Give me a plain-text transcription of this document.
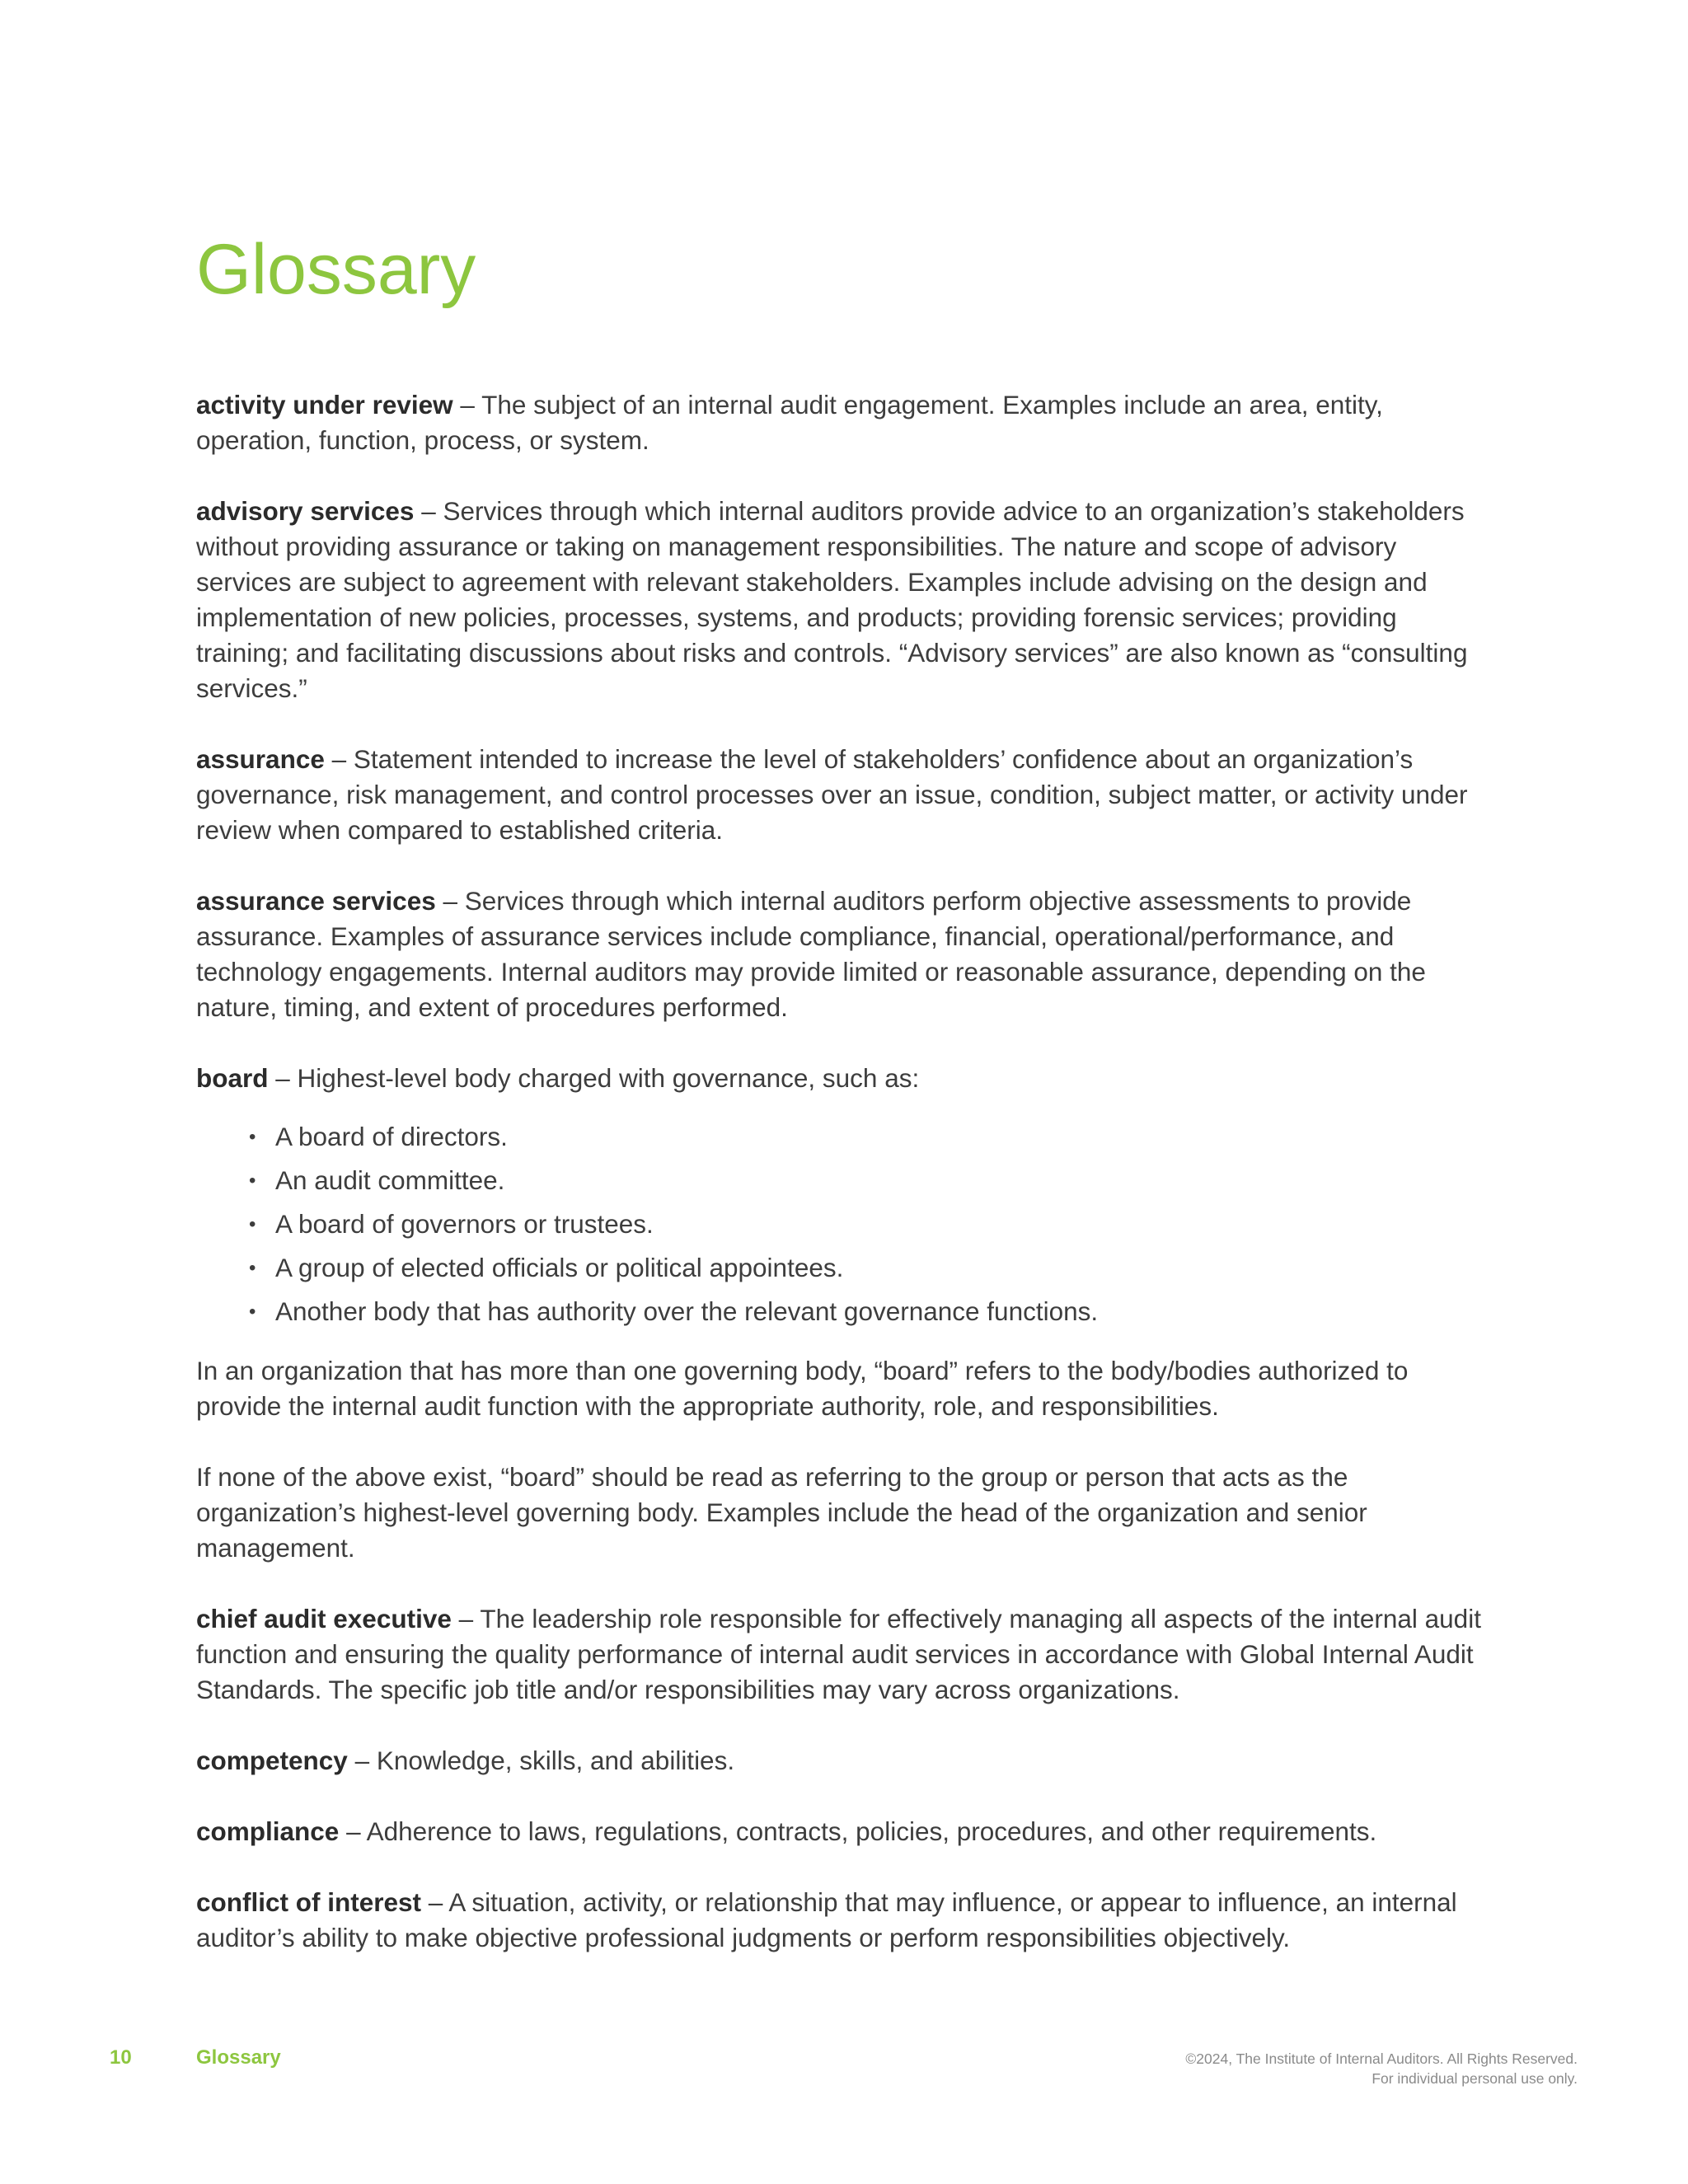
Glossary

activity under review – The subject of an internal audit engagement. Examples include an area, entity, operation, function, process, or system.

advisory services – Services through which internal auditors provide advice to an organization’s stakeholders without providing assurance or taking on management responsibilities. The nature and scope of advisory services are subject to agreement with relevant stakeholders. Examples include advising on the design and implementation of new policies, processes, systems, and products; providing forensic services; providing training; and facilitating discussions about risks and controls. “Advisory services” are also known as “consulting services.”

assurance – Statement intended to increase the level of stakeholders’ confidence about an organization’s governance, risk management, and control processes over an issue, condition, subject matter, or activity under review when compared to established criteria.

assurance services – Services through which internal auditors perform objective assessments to provide assurance. Examples of assurance services include compliance, financial, operational/performance, and technology engagements. Internal auditors may provide limited or reasonable assurance, depending on the nature, timing, and extent of procedures performed.

board – Highest-level body charged with governance, such as:

• A board of directors.
• An audit committee.
• A board of governors or trustees.
• A group of elected officials or political appointees.
• Another body that has authority over the relevant governance functions.

In an organization that has more than one governing body, “board” refers to the body/bodies authorized to provide the internal audit function with the appropriate authority, role, and responsibilities.

If none of the above exist, “board” should be read as referring to the group or person that acts as the organization’s highest-level governing body. Examples include the head of the organization and senior management.

chief audit executive – The leadership role responsible for effectively managing all aspects of the internal audit function and ensuring the quality performance of internal audit services in accordance with Global Internal Audit Standards. The specific job title and/or responsibilities may vary across organizations.

competency – Knowledge, skills, and abilities.

compliance – Adherence to laws, regulations, contracts, policies, procedures, and other requirements.

conflict of interest – A situation, activity, or relationship that may influence, or appear to influence, an internal auditor’s ability to make objective professional judgments or perform responsibilities objectively.

10	Glossary	©2024, The Institute of Internal Auditors. All Rights Reserved.
For individual personal use only.
